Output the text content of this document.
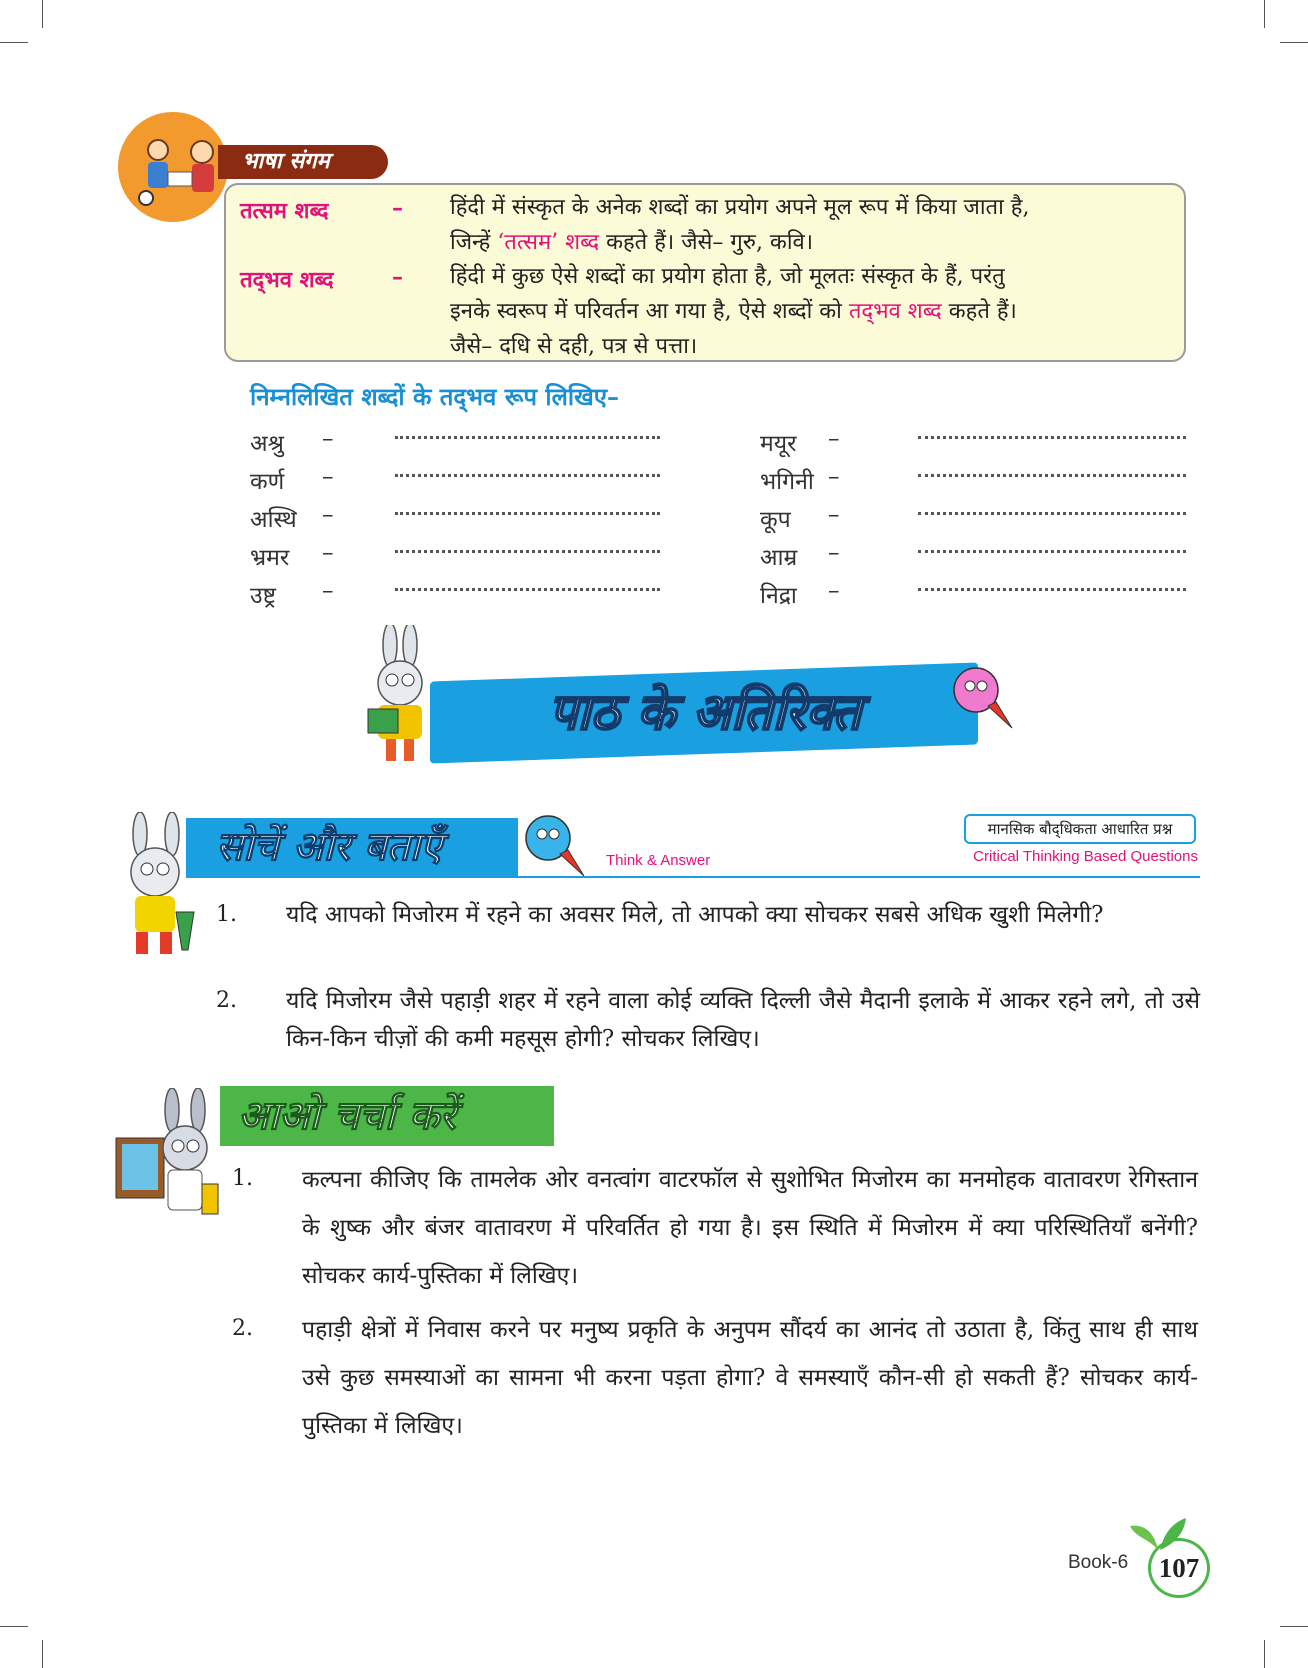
भाषा संगम
तत्सम शब्द	– हिंदी में संस्कृत के अनेक शब्दों का प्रयोग अपने मूल रूप में किया जाता है,
जिन्हें ‘तत्सम’ शब्द कहते हैं। जैसे– गुरु, कवि।
तद्‌भव शब्द	– हिंदी में कुछ ऐसे शब्दों का प्रयोग होता है, जो मूलतः संस्कृत के हैं, परंतु
इनके स्वरूप में परिवर्तन आ गया है, ऐसे शब्दों को तद्‌भव शब्द कहते हैं।
जैसे– दधि से दही, पत्र से पत्ता।
निम्नलिखित शब्दों के तद्‌भव रूप लिखिए–
अश्रु –	मयूर –
कर्ण –	भगिनी –
अस्थि –	कूप –
भ्रमर –	आम्र –
उष्ट्र –	निद्रा –
पाठ के अतिरिक्त
सोचें और बताएँ	Think & Answer
मानसिक बौद्‌धिकता आधारित प्रश्न
Critical Thinking Based Questions
1. यदि आपको मिजोरम में रहने का अवसर मिले, तो आपको क्या सोचकर सबसे अधिक खुशी मिलेगी?
2. यदि मिजोरम जैसे पहाड़ी शहर में रहने वाला कोई व्यक्ति दिल्ली जैसे मैदानी इलाके में आकर रहने लगे, तो उसे किन-किन चीज़ों की कमी महसूस होगी? सोचकर लिखिए।
आओ चर्चा करें
1. कल्पना कीजिए कि तामलेक ओर वनत्वांग वाटरफॉल से सुशोभित मिजोरम का मनमोहक वातावरण रेगिस्तान के शुष्क और बंजर वातावरण में परिवर्तित हो गया है। इस स्थिति में मिजोरम में क्या परिस्थितियाँ बनेंगी? सोचकर कार्य-पुस्तिका में लिखिए।
2. पहाड़ी क्षेत्रों में निवास करने पर मनुष्य प्रकृति के अनुपम सौंदर्य का आनंद तो उठाता है, किंतु साथ ही साथ उसे कुछ समस्याओं का सामना भी करना पड़ता होगा? वे समस्याएँ कौन-सी हो सकती हैं? सोचकर कार्य-पुस्तिका में लिखिए।
Book-6	107
